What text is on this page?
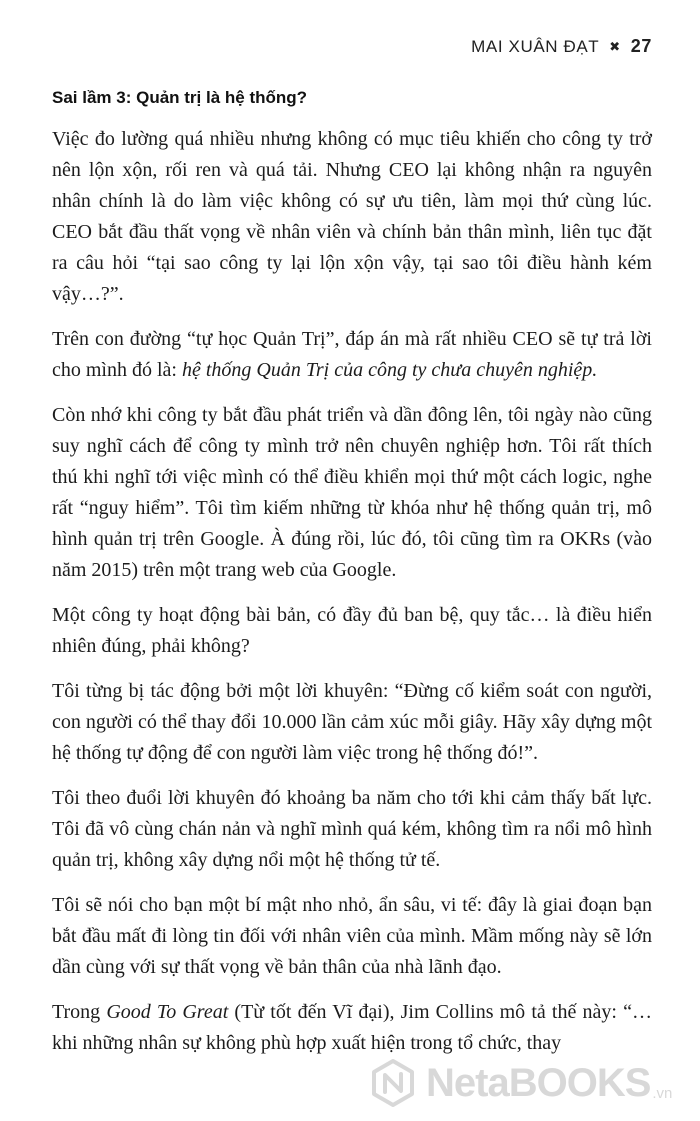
MAI XUÂN ĐẠT ✖ 27
Sai lầm 3: Quản trị là hệ thống?

Việc đo lường quá nhiều nhưng không có mục tiêu khiến cho công ty trở nên lộn xộn, rối ren và quá tải. Nhưng CEO lại không nhận ra nguyên nhân chính là do làm việc không có sự ưu tiên, làm mọi thứ cùng lúc. CEO bắt đầu thất vọng về nhân viên và chính bản thân mình, liên tục đặt ra câu hỏi “tại sao công ty lại lộn xộn vậy, tại sao tôi điều hành kém vậy…?”.

Trên con đường “tự học Quản Trị”, đáp án mà rất nhiều CEO sẽ tự trả lời cho mình đó là: hệ thống Quản Trị của công ty chưa chuyên nghiệp.

Còn nhớ khi công ty bắt đầu phát triển và dần đông lên, tôi ngày nào cũng suy nghĩ cách để công ty mình trở nên chuyên nghiệp hơn. Tôi rất thích thú khi nghĩ tới việc mình có thể điều khiển mọi thứ một cách logic, nghe rất “nguy hiểm”. Tôi tìm kiếm những từ khóa như hệ thống quản trị, mô hình quản trị trên Google. À đúng rồi, lúc đó, tôi cũng tìm ra OKRs (vào năm 2015) trên một trang web của Google.

Một công ty hoạt động bài bản, có đầy đủ ban bệ, quy tắc… là điều hiển nhiên đúng, phải không?

Tôi từng bị tác động bởi một lời khuyên: “Đừng cố kiểm soát con người, con người có thể thay đổi 10.000 lần cảm xúc mỗi giây. Hãy xây dựng một hệ thống tự động để con người làm việc trong hệ thống đó!”.

Tôi theo đuổi lời khuyên đó khoảng ba năm cho tới khi cảm thấy bất lực. Tôi đã vô cùng chán nản và nghĩ mình quá kém, không tìm ra nổi mô hình quản trị, không xây dựng nổi một hệ thống tử tế.

Tôi sẽ nói cho bạn một bí mật nho nhỏ, ẩn sâu, vi tế: đây là giai đoạn bạn bắt đầu mất đi lòng tin đối với nhân viên của mình. Mầm mống này sẽ lớn dần cùng với sự thất vọng về bản thân của nhà lãnh đạo.

Trong Good To Great (Từ tốt đến Vĩ đại), Jim Collins mô tả thế này: “… khi những nhân sự không phù hợp xuất hiện trong tổ chức, thay

NetaBOOKS .vn
